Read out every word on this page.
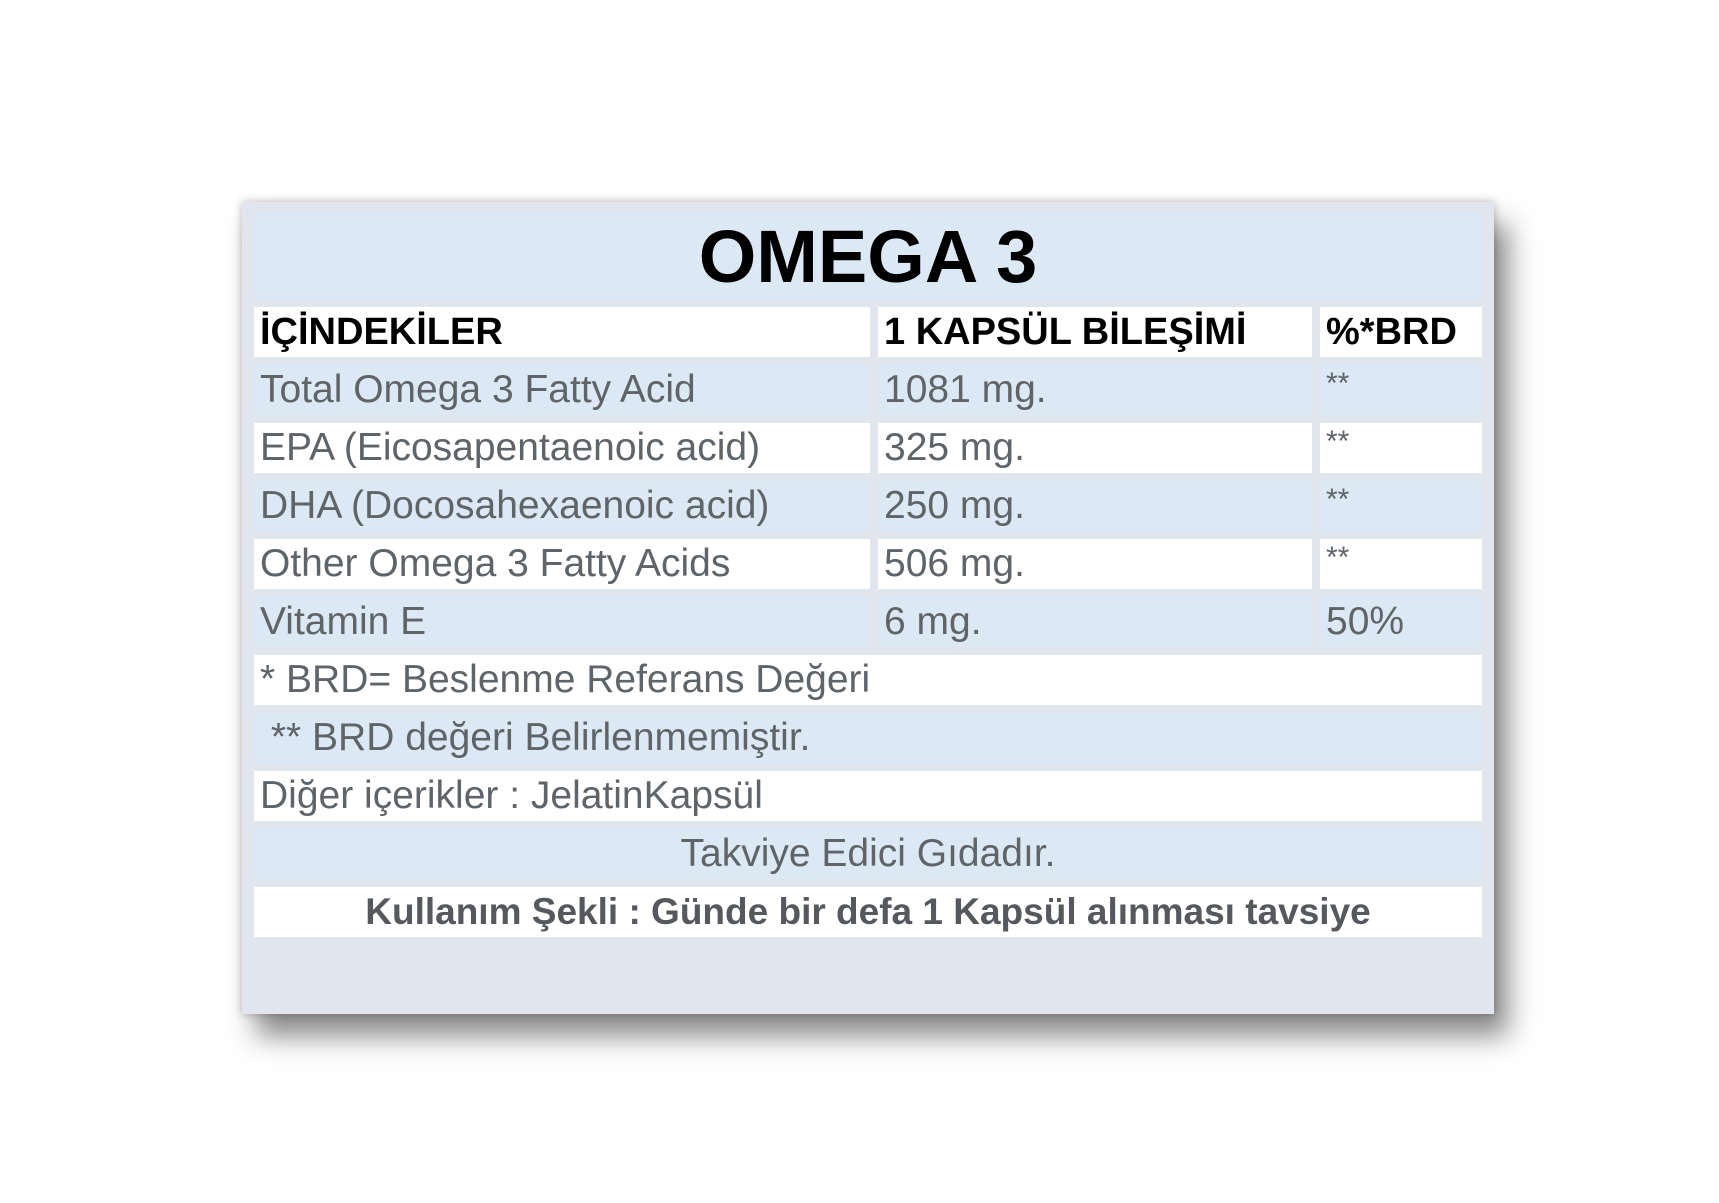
OMEGA 3		

İÇİNDEKİLER	1 KAPSÜL BİLEŞİMİ	%*BRD

Total Omega 3 Fatty Acid	1081 mg.	**

EPA (Eicosapentaenoic acid)	325 mg.	**

DHA (Docosahexaenoic acid)	250 mg.	**

Other Omega 3 Fatty Acids	506 mg.	**

Vitamin E	6 mg.	50%

* BRD= Beslenme Referans Değeri		

** BRD değeri Belirlenmemiştir.		

Diğer içerikler : JelatinKapsül		

Takviye Edici Gıdadır.		

Kullanım Şekli : Günde bir defa 1 Kapsül alınması tavsiye		
